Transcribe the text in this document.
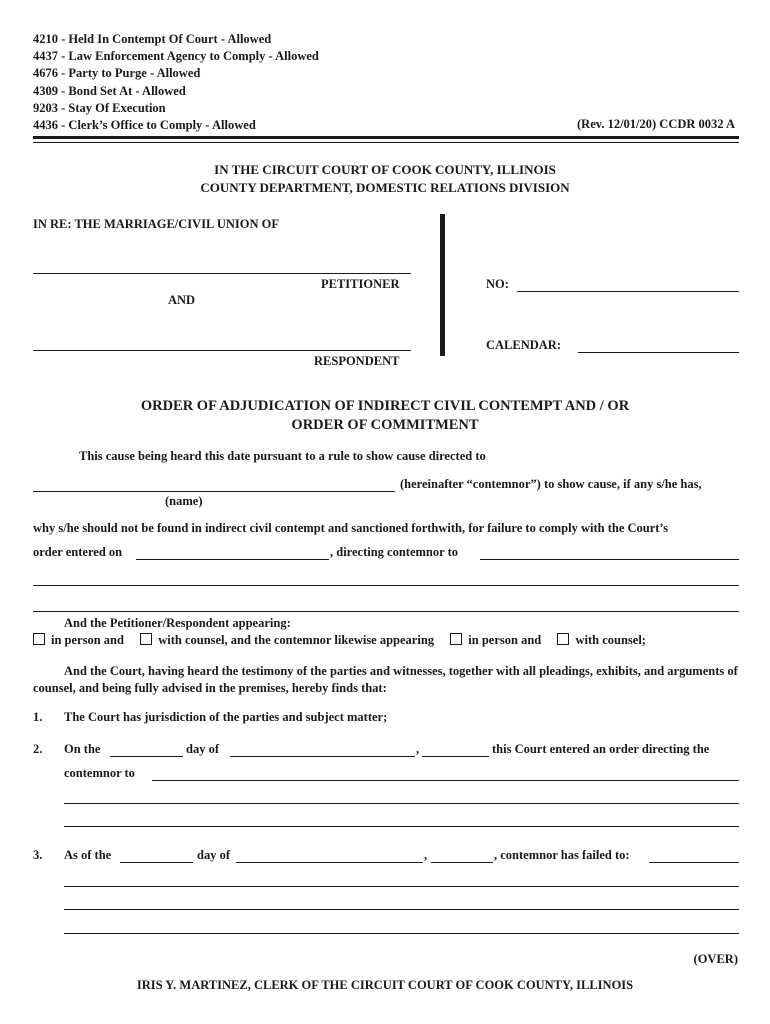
4210 - Held In Contempt Of Court - Allowed
4437 - Law Enforcement Agency to Comply - Allowed
4676 - Party to Purge - Allowed
4309 - Bond Set At - Allowed
9203 - Stay Of Execution
4436 - Clerk’s Office to Comply - Allowed	(Rev. 12/01/20) CCDR 0032 A
IN THE CIRCUIT COURT OF COOK COUNTY, ILLINOIS
COUNTY DEPARTMENT, DOMESTIC RELATIONS DIVISION
IN RE: THE MARRIAGE/CIVIL UNION OF
PETITIONER
AND
RESPONDENT
NO:
CALENDAR:
ORDER OF ADJUDICATION OF INDIRECT CIVIL CONTEMPT AND / OR
ORDER OF COMMITMENT
This cause being heard this date pursuant to a rule to show cause directed to
(hereinafter “contemnor”) to show cause, if any s/he has,
(name)
why s/he should not be found in indirect civil contempt and sanctioned forthwith, for failure to comply with the Court’s
order entered on	, directing contemnor to
And the Petitioner/Respondent appearing:
in person and	with counsel, and the contemnor likewise appearing	in person and	with counsel;
And the Court, having heard the testimony of the parties and witnesses, together with all pleadings, exhibits, and arguments of counsel, and being fully advised in the premises, hereby finds that:
1. The Court has jurisdiction of the parties and subject matter;
2. On the	day of	,	this Court entered an order directing the
contemnor to
3. As of the	day of	,	, contemnor has failed to:
(OVER)
IRIS Y. MARTINEZ, CLERK OF THE CIRCUIT COURT OF COOK COUNTY, ILLINOIS
